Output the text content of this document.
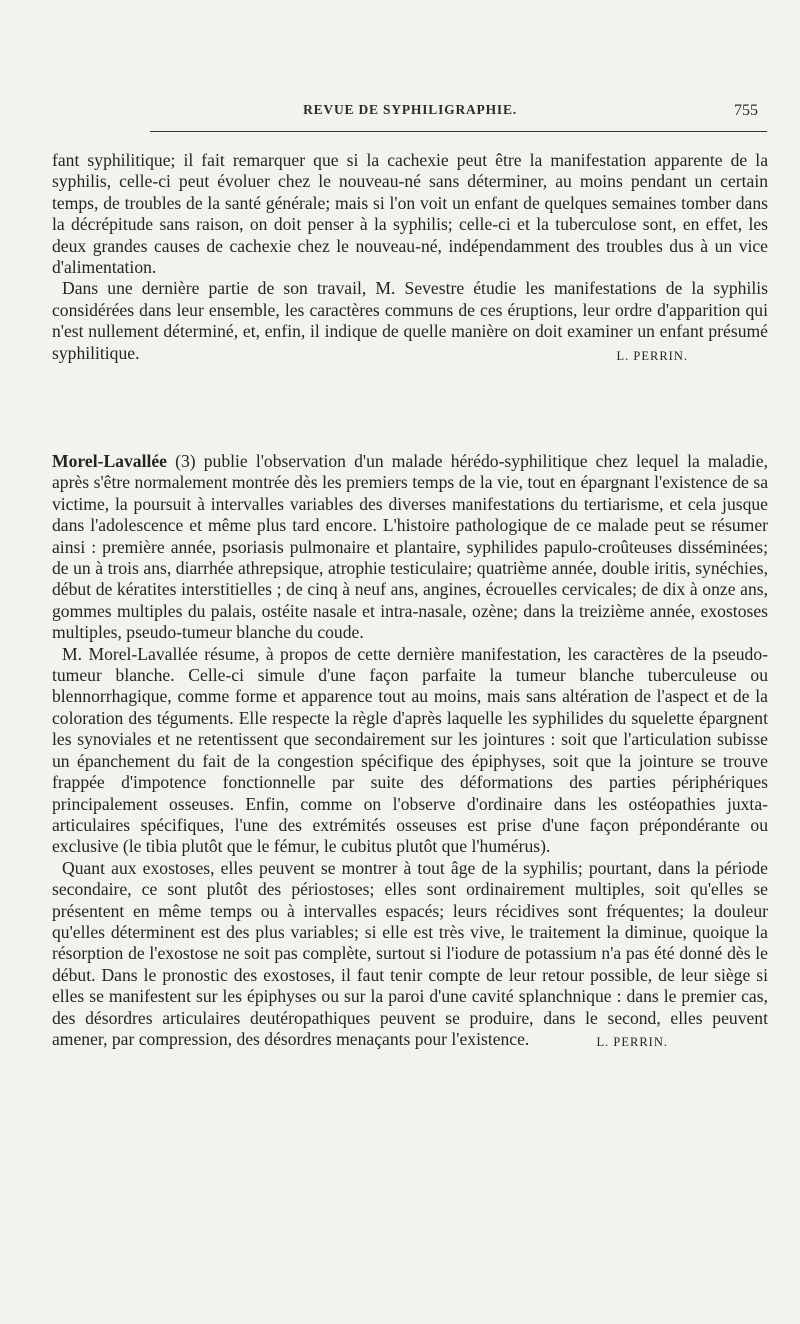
REVUE DE SYPHILIGRAPHIE.	755

fant syphilitique; il fait remarquer que si la cachexie peut être la manifestation apparente de la syphilis, celle-ci peut évoluer chez le nouveau-né sans déterminer, au moins pendant un certain temps, de troubles de la santé générale; mais si l'on voit un enfant de quelques semaines tomber dans la décrépitude sans raison, on doit penser à la syphilis; celle-ci et la tuberculose sont, en effet, les deux grandes causes de cachexie chez le nouveau-né, indépendamment des troubles dus à un vice d'alimentation.

Dans une dernière partie de son travail, M. Sevestre étudie les manifestations de la syphilis considérées dans leur ensemble, les caractères communs de ces éruptions, leur ordre d'apparition qui n'est nullement déterminé, et, enfin, il indique de quelle manière on doit examiner un enfant présumé syphilitique.	L. PERRIN.

Morel-Lavallée (3) publie l'observation d'un malade hérédo-syphilitique chez lequel la maladie, après s'être normalement montrée dès les premiers temps de la vie, tout en épargnant l'existence de sa victime, la poursuit à intervalles variables des diverses manifestations du tertiarisme, et cela jusque dans l'adolescence et même plus tard encore. L'histoire pathologique de ce malade peut se résumer ainsi : première année, psoriasis pulmonaire et plantaire, syphilides papulo-croûteuses disséminées; de un à trois ans, diarrhée athrepsique, atrophie testiculaire; quatrième année, double iritis, synéchies, début de kératites interstitielles ; de cinq à neuf ans, angines, écrouelles cervicales; de dix à onze ans, gommes multiples du palais, ostéite nasale et intra-nasale, ozène; dans la treizième année, exostoses multiples, pseudo-tumeur blanche du coude.

M. Morel-Lavallée résume, à propos de cette dernière manifestation, les caractères de la pseudo-tumeur blanche. Celle-ci simule d'une façon parfaite la tumeur blanche tuberculeuse ou blennorrhagique, comme forme et apparence tout au moins, mais sans altération de l'aspect et de la coloration des téguments. Elle respecte la règle d'après laquelle les syphilides du squelette épargnent les synoviales et ne retentissent que secondairement sur les jointures : soit que l'articulation subisse un épanchement du fait de la congestion spécifique des épiphyses, soit que la jointure se trouve frappée d'impotence fonctionnelle par suite des déformations des parties périphériques principalement osseuses. Enfin, comme on l'observe d'ordinaire dans les ostéopathies juxta-articulaires spécifiques, l'une des extrémités osseuses est prise d'une façon prépondérante ou exclusive (le tibia plutôt que le fémur, le cubitus plutôt que l'humérus).

Quant aux exostoses, elles peuvent se montrer à tout âge de la syphilis; pourtant, dans la période secondaire, ce sont plutôt des périostoses; elles sont ordinairement multiples, soit qu'elles se présentent en même temps ou à intervalles espacés; leurs récidives sont fréquentes; la douleur qu'elles déterminent est des plus variables; si elle est très vive, le traitement la diminue, quoique la résorption de l'exostose ne soit pas complète, surtout si l'iodure de potassium n'a pas été donné dès le début. Dans le pronostic des exostoses, il faut tenir compte de leur retour possible, de leur siège si elles se manifestent sur les épiphyses ou sur la paroi d'une cavité splanchnique : dans le premier cas, des désordres articulaires deutéropathiques peuvent se produire, dans le second, elles peuvent amener, par compression, des désordres menaçants pour l'existence.	L. PERRIN.
